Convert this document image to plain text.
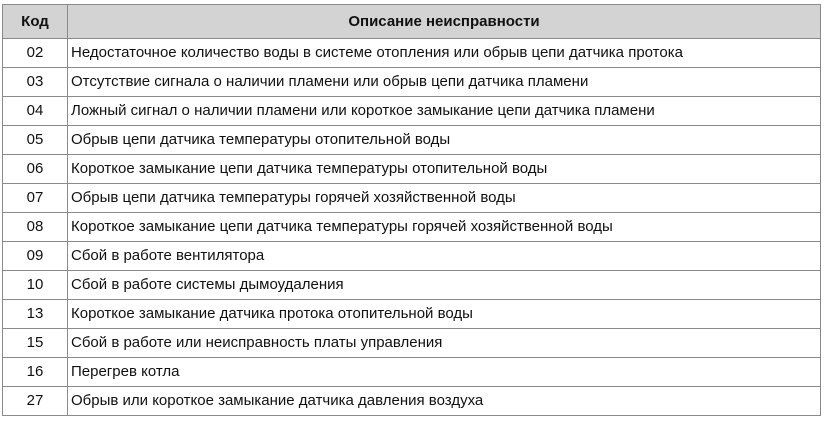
Код	Описание неисправности
02	Недостаточное количество воды в системе отопления или обрыв цепи датчика протока
03	Отсутствие сигнала о наличии пламени или обрыв цепи датчика пламени
04	Ложный сигнал о наличии пламени или короткое замыкание цепи датчика пламени
05	Обрыв цепи датчика температуры отопительной воды
06	Короткое замыкание цепи датчика температуры отопительной воды
07	Обрыв цепи датчика температуры горячей хозяйственной воды
08	Короткое замыкание цепи датчика температуры горячей хозяйственной воды
09	Сбой в работе вентилятора
10	Сбой в работе системы дымоудаления
13	Короткое замыкание датчика протока отопительной воды
15	Сбой в работе или неисправность платы управления
16	Перегрев котла
27	Обрыв или короткое замыкание датчика давления воздуха
